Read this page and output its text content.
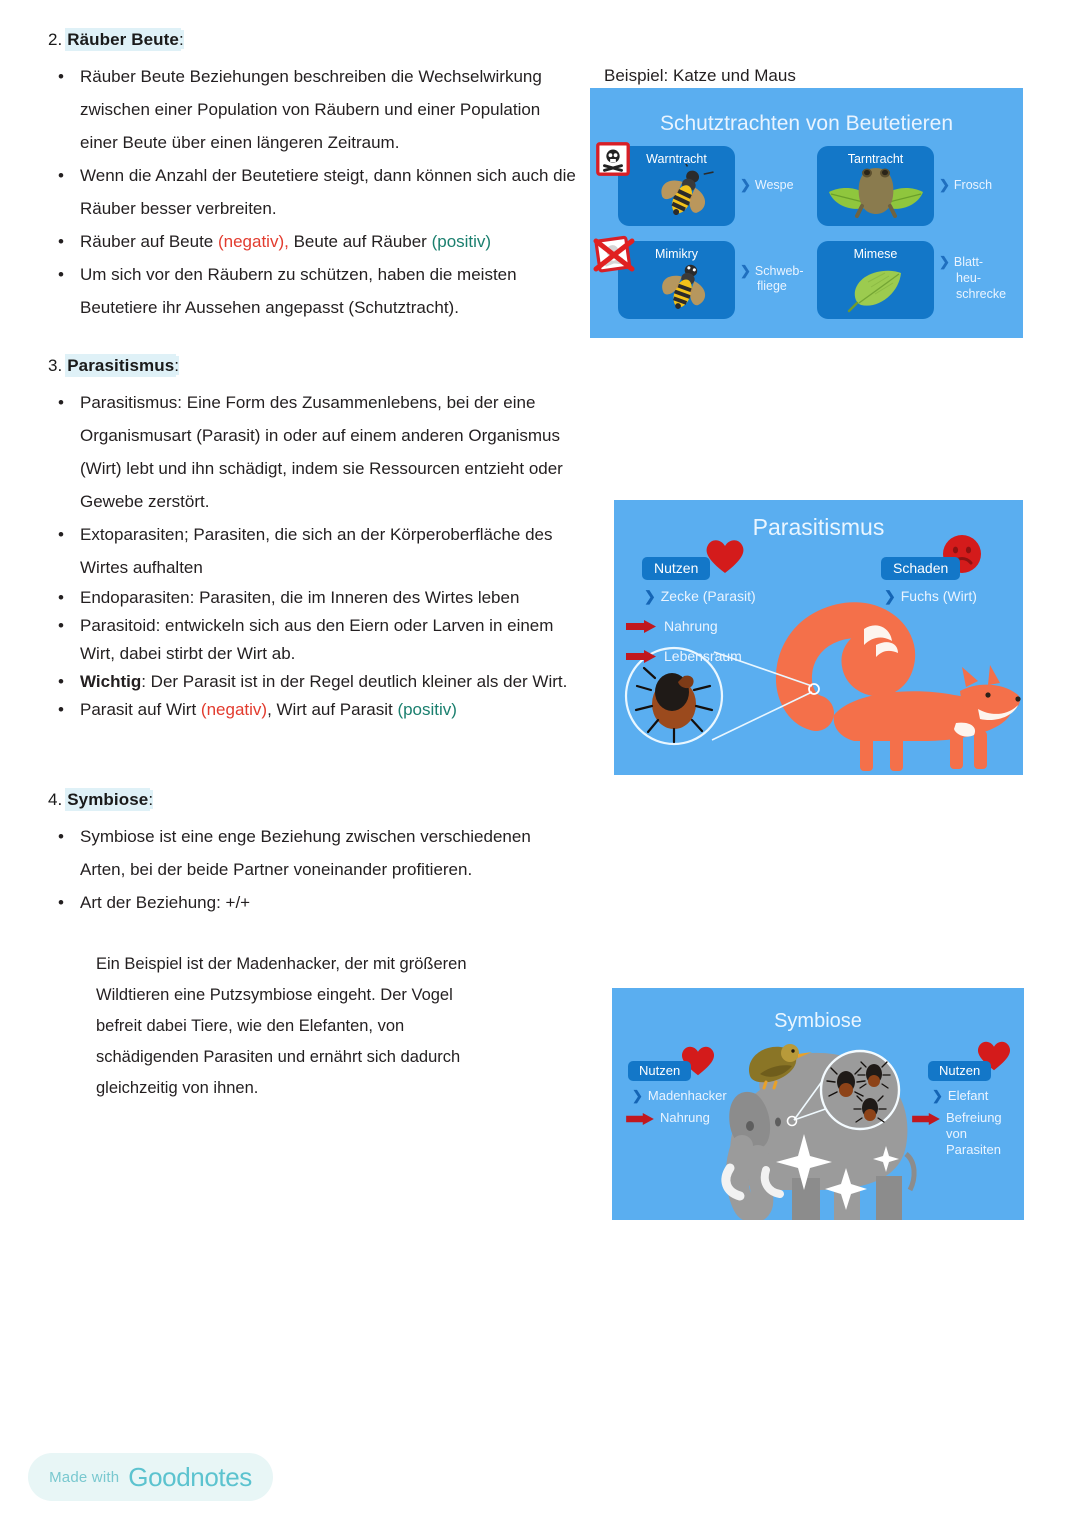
2. Räuber Beute:
• Räuber Beute Beziehungen beschreiben die Wechselwirkung zwischen einer Population von Räubern und einer Population einer Beute über einen längeren Zeitraum.
• Wenn die Anzahl der Beutetiere steigt, dann können sich auch die Räuber besser verbreiten.
• Räuber auf Beute (negativ), Beute auf Räuber (positiv)
• Um sich vor den Räubern zu schützen, haben die meisten Beutetiere ihr Aussehen angepasst (Schutztracht).
3. Parasitismus:
• Parasitismus: Eine Form des Zusammenlebens, bei der eine Organismusart (Parasit) in oder auf einem anderen Organismus (Wirt) lebt und ihn schädigt, indem sie Ressourcen entzieht oder Gewebe zerstört.
• Extoparasiten; Parasiten, die sich an der Körperoberfläche des Wirtes aufhalten
• Endoparasiten: Parasiten, die im Inneren des Wirtes leben
• Parasitoid: entwickeln sich aus den Eiern oder Larven in einem Wirt, dabei stirbt der Wirt ab.
• Wichtig: Der Parasit ist in der Regel deutlich kleiner als der Wirt.
• Parasit auf Wirt (negativ), Wirt auf Parasit (positiv)
4. Symbiose:
• Symbiose ist eine enge Beziehung zwischen verschiedenen Arten, bei der beide Partner voneinander profitieren.
• Art der Beziehung: +/+
Ein Beispiel ist der Madenhacker, der mit größeren Wildtieren eine Putzsymbiose eingeht. Der Vogel befreit dabei Tiere, wie den Elefanten, von schädigenden Parasiten und ernährt sich dadurch gleichzeitig von ihnen.
Beispiel: Katze und Maus
Schutztrachten von Beutetieren
Warntracht
❯ Wespe
Tarntracht
❯ Frosch
Mimikry
❯ Schweb-
fliege
Mimese	❯ Blatt-
heu-
schrecke
Parasitismus
Nutzen
❯ Zecke (Parasit)
Nahrung
Lebensraum
Schaden
❯ Fuchs (Wirt)
Symbiose
Nutzen
❯ Madenhacker
Nahrung
Nutzen
❯ Elefant
Befreiung
von Parasiten
Made with Goodnotes
